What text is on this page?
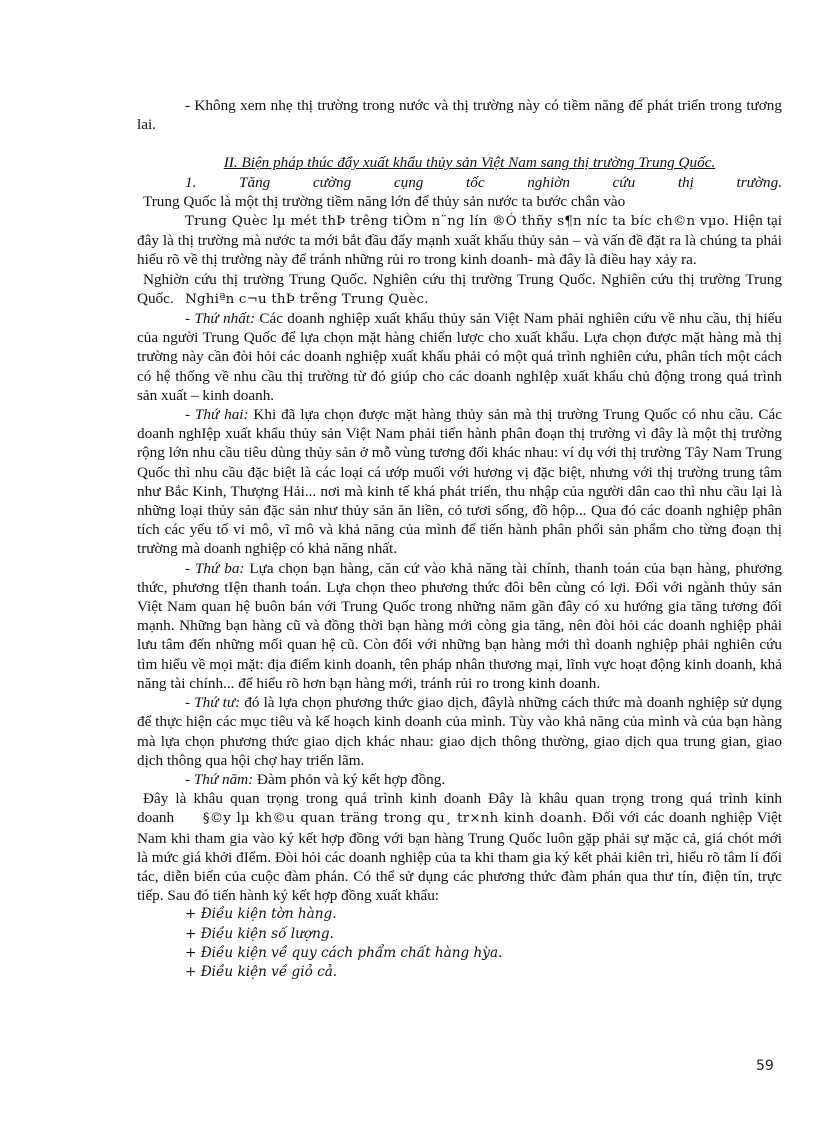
- Không xem nhẹ thị trường trong nước và thị trường này có tiềm năng để phát triển trong tương lai.

II. Biện pháp thúc đẩy xuất khẩu thủy sản Việt Nam sang thị trường Trung Quốc.

1. Tăng cường cụng tốc nghiờn cứu thị trường.

Trung Quốc là một thị trường tiềm năng lớn để thủy sản nước ta bước chân vào

Trung Quèc lµ mét thÞ trêng tiÒm n¨ng lín ®Ó thñy s¶n níc ta bíc ch©n vµo. Hiện tại đây là thị trường mà nước ta mới bắt đầu đẩy mạnh xuất khẩu thủy sản – và vấn đề đặt ra là chúng ta phải hiểu rõ về thị trường này để tránh những rủi ro trong kinh doanh- mà đây là điều hay xảy ra.

Nghiờn cứu thị trường Trung Quốc. Nghiên cứu thị trường Trung Quốc. Nghiên cứu thị trường Trung Quốc. Nghiªn c¬u thÞ trêng Trung Quèc.

- Thứ nhất: Các doanh nghiệp xuất khẩu thủy sản Việt Nam phải nghiên cứu về nhu cầu, thị hiếu của người Trung Quốc để lựa chọn mặt hàng chiến lược cho xuất khẩu. Lựa chọn được mặt hàng mà thị trường này cần đòi hỏi các doanh nghiệp xuất khẩu phải có một quá trình nghiên cứu, phân tích một cách có hệ thống về nhu cầu thị trường từ đó giúp cho các doanh nghIệp xuất khẩu chủ động trong quá trình sản xuất – kinh doanh.

- Thứ hai: Khi đã lựa chọn được mặt hàng thủy sản mà thị trường Trung Quốc có nhu cầu. Các doanh nghIệp xuất khẩu thủy sản Việt Nam phải tiến hành phân đoạn thị trường vì đây là một thị trường rộng lớn nhu cầu tiêu dùng thủy sản ở mỗ vùng tương đối khác nhau: ví dụ với thị trường Tây Nam Trung Quốc thì nhu cầu đặc biệt là các loại cá ướp muối với hương vị đặc biệt, nhưng với thị trường trung tâm như Bắc Kinh, Thượng Hải... nơi mà kinh tế khá phát triển, thu nhập của người dân cao thì nhu cầu lại là những loại thủy sản đặc sản như thủy sản ăn liền, cỏ tươi sống, đồ hộp... Qua đó các doanh nghiệp phân tích các yếu tố vi mô, vĩ mô và khả năng của mình để tiến hành phân phối sản phẩm cho từng đoạn thị trường mà doanh nghiệp có khả năng nhất.

- Thứ ba: Lựa chọn bạn hàng, căn cứ vào khả năng tài chính, thanh toán của bạn hàng, phương thức, phương tIện thanh toán. Lựa chọn theo phương thức đôi bên cùng có lợi. Đối với ngành thủy sản Việt Nam quan hệ buôn bán với Trung Quốc trong những năm gần đây có xu hướng gia tăng tương đối mạnh. Những bạn hàng cũ và đồng thời bạn hàng mới còng gia tăng, nên đòi hỏi các doanh nghiệp phải lưu tâm đến những mối quan hệ cũ. Còn đối với những bạn hàng mới thì doanh nghiệp phải nghiên cứu tìm hiểu về mọi mặt: địa điểm kinh doanh, tên pháp nhân thương mại, lĩnh vực hoạt động kinh doanh, khả năng tài chính... để hiểu rõ hơn bạn hàng mới, tránh rủi ro trong kinh doanh.

- Thứ tư: đó là lựa chọn phương thức giao dịch, đâylà những cách thức mà doanh nghiệp sử dụng để thực hiện các mục tiêu và kế hoạch kinh doanh của mình. Tùy vào khả năng của mình và của bạn hàng mà lựa chọn phương thức giao dịch khác nhau: giao dịch thông thường, giao dịch qua trung gian, giao dịch thông qua hội chợ hay triển lãm.

- Thứ năm: Đàm phỏn và ký kết hợp đồng.

Đây là khâu quan trọng trong quá trình kinh doanh Đây là khâu quan trọng trong quá trình kinh doanh §©y lµ kh©u quan träng trong qu¸ tr×nh kinh doanh. Đối với các doanh nghiệp Việt Nam khi tham gia vào ký kết hợp đồng với bạn hàng Trung Quốc luôn gặp phải sự mặc cả, giá chót mới là mức giá khởi đIểm. Đòi hỏi các doanh nghiệp của ta khi tham gia ký kết phải kiên trì, hiểu rõ tâm lí đối tác, diễn biến của cuộc đàm phán. Có thể sử dụng các phương thức đàm phán qua thư tín, điện tín, trực tiếp. Sau đó tiến hành ký kết hợp đồng xuất khẩu:

+ Điều kiện tờn hàng.
+ Điều kiện số lượng.
+ Điều kiện về quy cách phẩm chất hàng hỳa.
+ Điều kiện về giỏ cả.
59
